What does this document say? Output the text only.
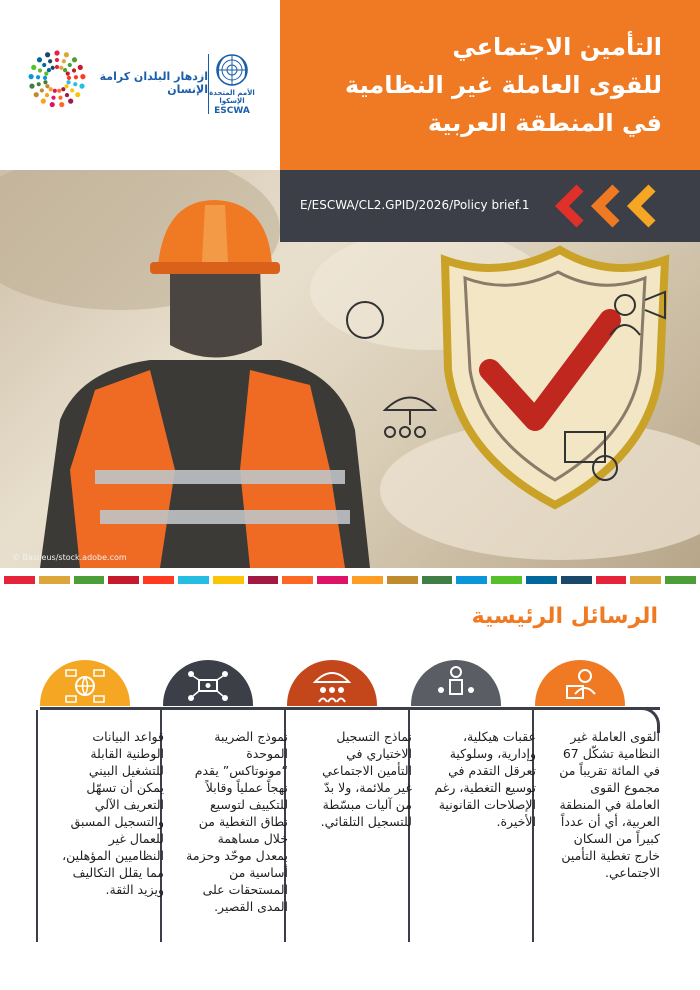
ازدهار البلدان كرامة الإنسان الأمم المتحدة الإسكوا
ESCWA
التأمين الاجتماعي
للقوى العاملة غير النظامية
في المنطقة العربية
E/ESCWA/CL2.GPID/2026/Policy brief.1
© Basileus/stock.adobe.com
الرسائل الرئيسية
القوى العاملة غير النظامية تشكّل 67 في المائة تقريباً من مجموع القوى العاملة في المنطقة العربية، أي أن عدداً كبيراً من السكان خارج تغطية التأمين الاجتماعي.
عقبات هيكلية، وإدارية، وسلوكية تعرقل التقدم في توسيع التغطية، رغم الإصلاحات القانونية الأخيرة.
نماذج التسجيل الاختياري في التأمين الاجتماعي غير ملائمة، ولا بدّ من آليات مبسّطة للتسجيل التلقائي.
نموذج الضريبة الموحدة “مونوتاكس” يقدم نهجاً عملياً وقابلاً للتكييف لتوسيع نطاق التغطية من خلال مساهمة بمعدل موحّد وحزمة أساسية من المستحقات على المدى القصير.
قواعد البيانات الوطنية القابلة للتشغيل البيني يمكن أن تسهّل التعريف الآلي والتسجيل المسبق للعمال غير النظاميين المؤهلين، مما يقلل التكاليف ويزيد الثقة.
